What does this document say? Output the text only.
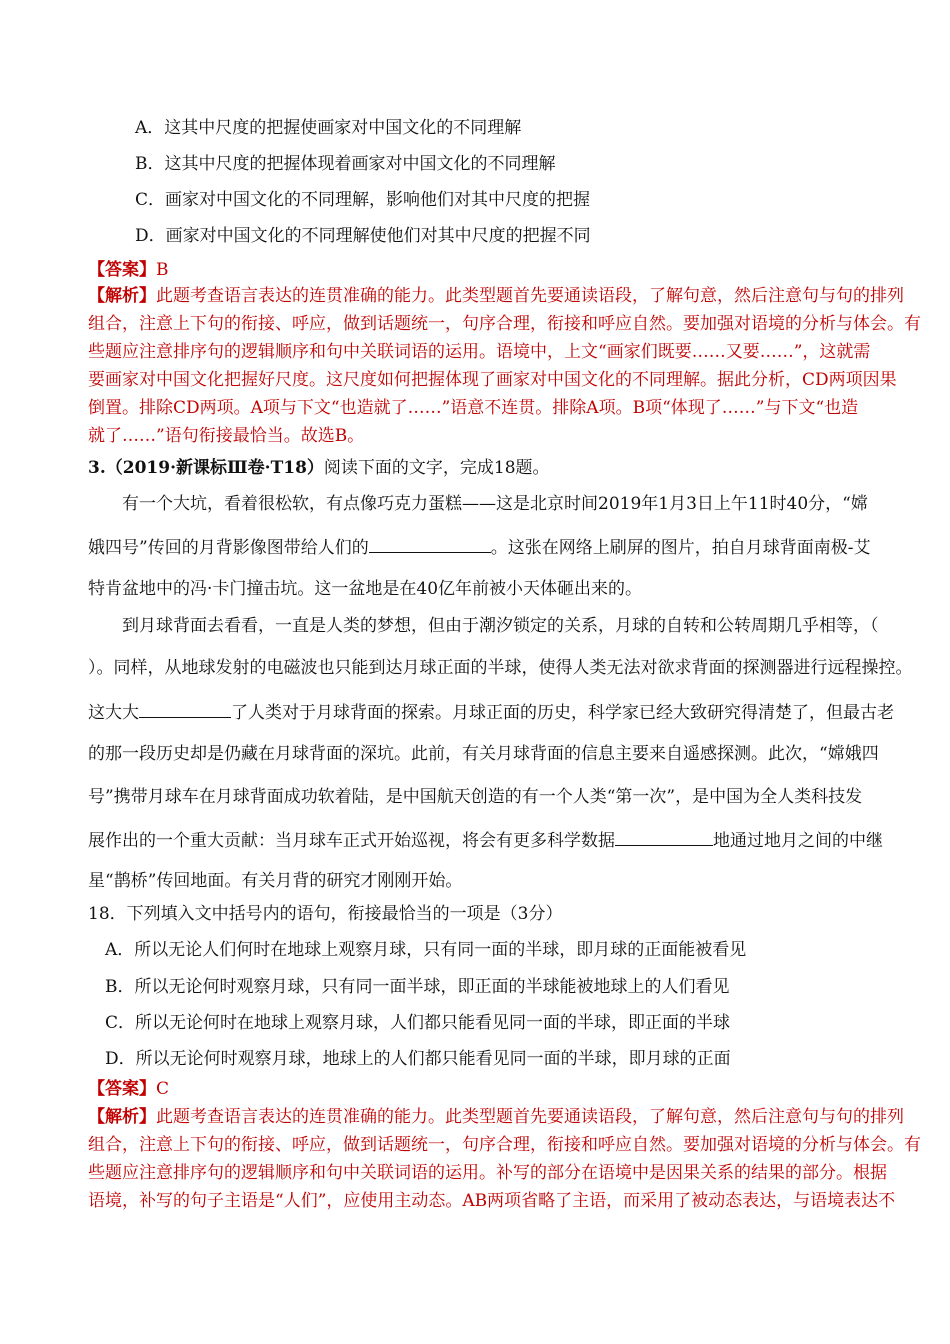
A．这其中尺度的把握使画家对中国文化的不同理解
B．这其中尺度的把握体现着画家对中国文化的不同理解
C．画家对中国文化的不同理解，影响他们对其中尺度的把握
D．画家对中国文化的不同理解使他们对其中尺度的把握不同
【答案】B
【解析】此题考查语言表达的连贯准确的能力。此类型题首先要通读语段，了解句意，然后注意句与句的排列
组合，注意上下句的衔接、呼应，做到话题统一，句序合理，衔接和呼应自然。要加强对语境的分析与体会。有
些题应注意排序句的逻辑顺序和句中关联词语的运用。语境中，上文“画家们既要……又要……”，这就需
要画家对中国文化把握好尺度。这尺度如何把握体现了画家对中国文化的不同理解。据此分析，CD两项因果
倒置。排除CD两项。A项与下文“也造就了……”语意不连贯。排除A项。B项“体现了……”与下文“也造
就了……”语句衔接最恰当。故选B。
3.（2019·新课标Ⅲ卷·T18）阅读下面的文字，完成18题。
有一个大坑，看着很松软，有点像巧克力蛋糕——这是北京时间2019年1月3日上午11时40分，“嫦
娥四号”传回的月背影像图带给人们的	。这张在网络上刷屏的图片，拍自月球背面南极-艾
特肯盆地中的冯·卡门撞击坑。这一盆地是在40亿年前被小天体砸出来的。
到月球背面去看看，一直是人类的梦想，但由于潮汐锁定的关系，月球的自转和公转周期几乎相等，（
）。同样，从地球发射的电磁波也只能到达月球正面的半球，使得人类无法对欲求背面的探测器进行远程操控。
这大大	了人类对于月球背面的探索。月球正面的历史，科学家已经大致研究得清楚了，但最古老
的那一段历史却是仍藏在月球背面的深坑。此前，有关月球背面的信息主要来自遥感探测。此次，“嫦娥四
号”携带月球车在月球背面成功软着陆，是中国航天创造的有一个人类“第一次”，是中国为全人类科技发
展作出的一个重大贡献：当月球车正式开始巡视，将会有更多科学数据	地通过地月之间的中继
星“鹊桥”传回地面。有关月背的研究才刚刚开始。
18．下列填入文中括号内的语句，衔接最恰当的一项是（3分）
A．所以无论人们何时在地球上观察月球，只有同一面的半球，即月球的正面能被看见
B．所以无论何时观察月球，只有同一面半球，即正面的半球能被地球上的人们看见
C．所以无论何时在地球上观察月球，人们都只能看见同一面的半球，即正面的半球
D．所以无论何时观察月球，地球上的人们都只能看见同一面的半球，即月球的正面
【答案】C
【解析】此题考查语言表达的连贯准确的能力。此类型题首先要通读语段，了解句意，然后注意句与句的排列
组合，注意上下句的衔接、呼应，做到话题统一，句序合理，衔接和呼应自然。要加强对语境的分析与体会。有
些题应注意排序句的逻辑顺序和句中关联词语的运用。补写的部分在语境中是因果关系的结果的部分。根据
语境，补写的句子主语是“人们”，应使用主动态。AB两项省略了主语，而采用了被动态表达，与语境表达不
